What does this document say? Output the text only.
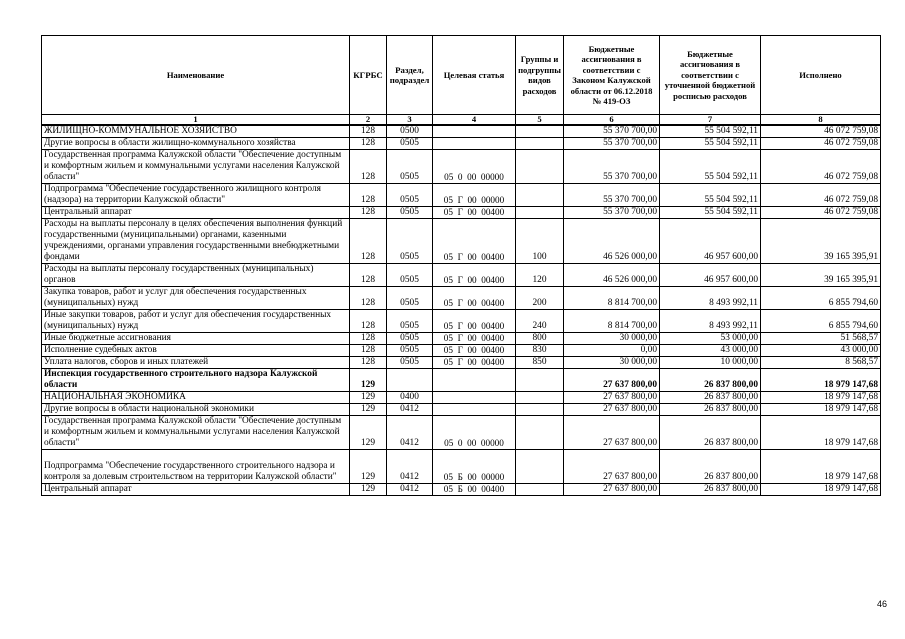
Наименование	КГРБС	Раздел, подраздел	Целевая статья	Группы и подгруппы видов расходов	Бюджетные ассигнования в соответствии с Законом Калужской области от 06.12.2018 № 419-ОЗ	Бюджетные ассигнования в соответствии с уточненной бюджетной росписью расходов	Исполнено
1	2	3	4	5	6	7	8
ЖИЛИЩНО-КОММУНАЛЬНОЕ ХОЗЯЙСТВО	128	0500			55 370 700,00	55 504 592,11	46 072 759,08
Другие вопросы в области жилищно-коммунального хозяйства	128	0505			55 370 700,00	55 504 592,11	46 072 759,08
Государственная программа Калужской области "Обеспечение доступным и комфортным жильем и коммунальными услугами населения Калужской области"	128	0505	05  0  00  00000		55 370 700,00	55 504 592,11	46 072 759,08
Подпрограмма "Обеспечение государственного жилищного контроля (надзора) на территории Калужской области"	128	0505	05  Г  00  00000		55 370 700,00	55 504 592,11	46 072 759,08
Центральный аппарат	128	0505	05  Г  00  00400		55 370 700,00	55 504 592,11	46 072 759,08
Расходы на выплаты персоналу в целях обеспечения выполнения функций государственными (муниципальными) органами, казенными учреждениями, органами управления государственными внебюджетными фондами	128	0505	05  Г  00  00400	100	46 526 000,00	46 957 600,00	39 165 395,91
Расходы на выплаты персоналу государственных (муниципальных) органов	128	0505	05  Г  00  00400	120	46 526 000,00	46 957 600,00	39 165 395,91
Закупка товаров, работ и услуг для обеспечения государственных (муниципальных) нужд	128	0505	05  Г  00  00400	200	8 814 700,00	8 493 992,11	6 855 794,60
Иные закупки товаров, работ и услуг для обеспечения государственных (муниципальных) нужд	128	0505	05  Г  00  00400	240	8 814 700,00	8 493 992,11	6 855 794,60
Иные бюджетные ассигнования	128	0505	05  Г  00  00400	800	30 000,00	53 000,00	51 568,57
Исполнение судебных актов	128	0505	05  Г  00  00400	830	0,00	43 000,00	43 000,00
Уплата налогов, сборов и иных платежей	128	0505	05  Г  00  00400	850	30 000,00	10 000,00	8 568,57
Инспекция государственного строительного надзора Калужской области	129				27 637 800,00	26 837 800,00	18 979 147,68
НАЦИОНАЛЬНАЯ ЭКОНОМИКА	129	0400			27 637 800,00	26 837 800,00	18 979 147,68
Другие вопросы в области национальной экономики	129	0412			27 637 800,00	26 837 800,00	18 979 147,68
Государственная программа Калужской области "Обеспечение доступным и комфортным жильем и коммунальными услугами населения Калужской области"	129	0412	05  0  00  00000		27 637 800,00	26 837 800,00	18 979 147,68
Подпрограмма "Обеспечение государственного строительного надзора и контроля за долевым строительством на территории Калужской области"	129	0412	05  Б  00  00000		27 637 800,00	26 837 800,00	18 979 147,68
Центральный аппарат	129	0412	05  Б  00  00400		27 637 800,00	26 837 800,00	18 979 147,68
46
